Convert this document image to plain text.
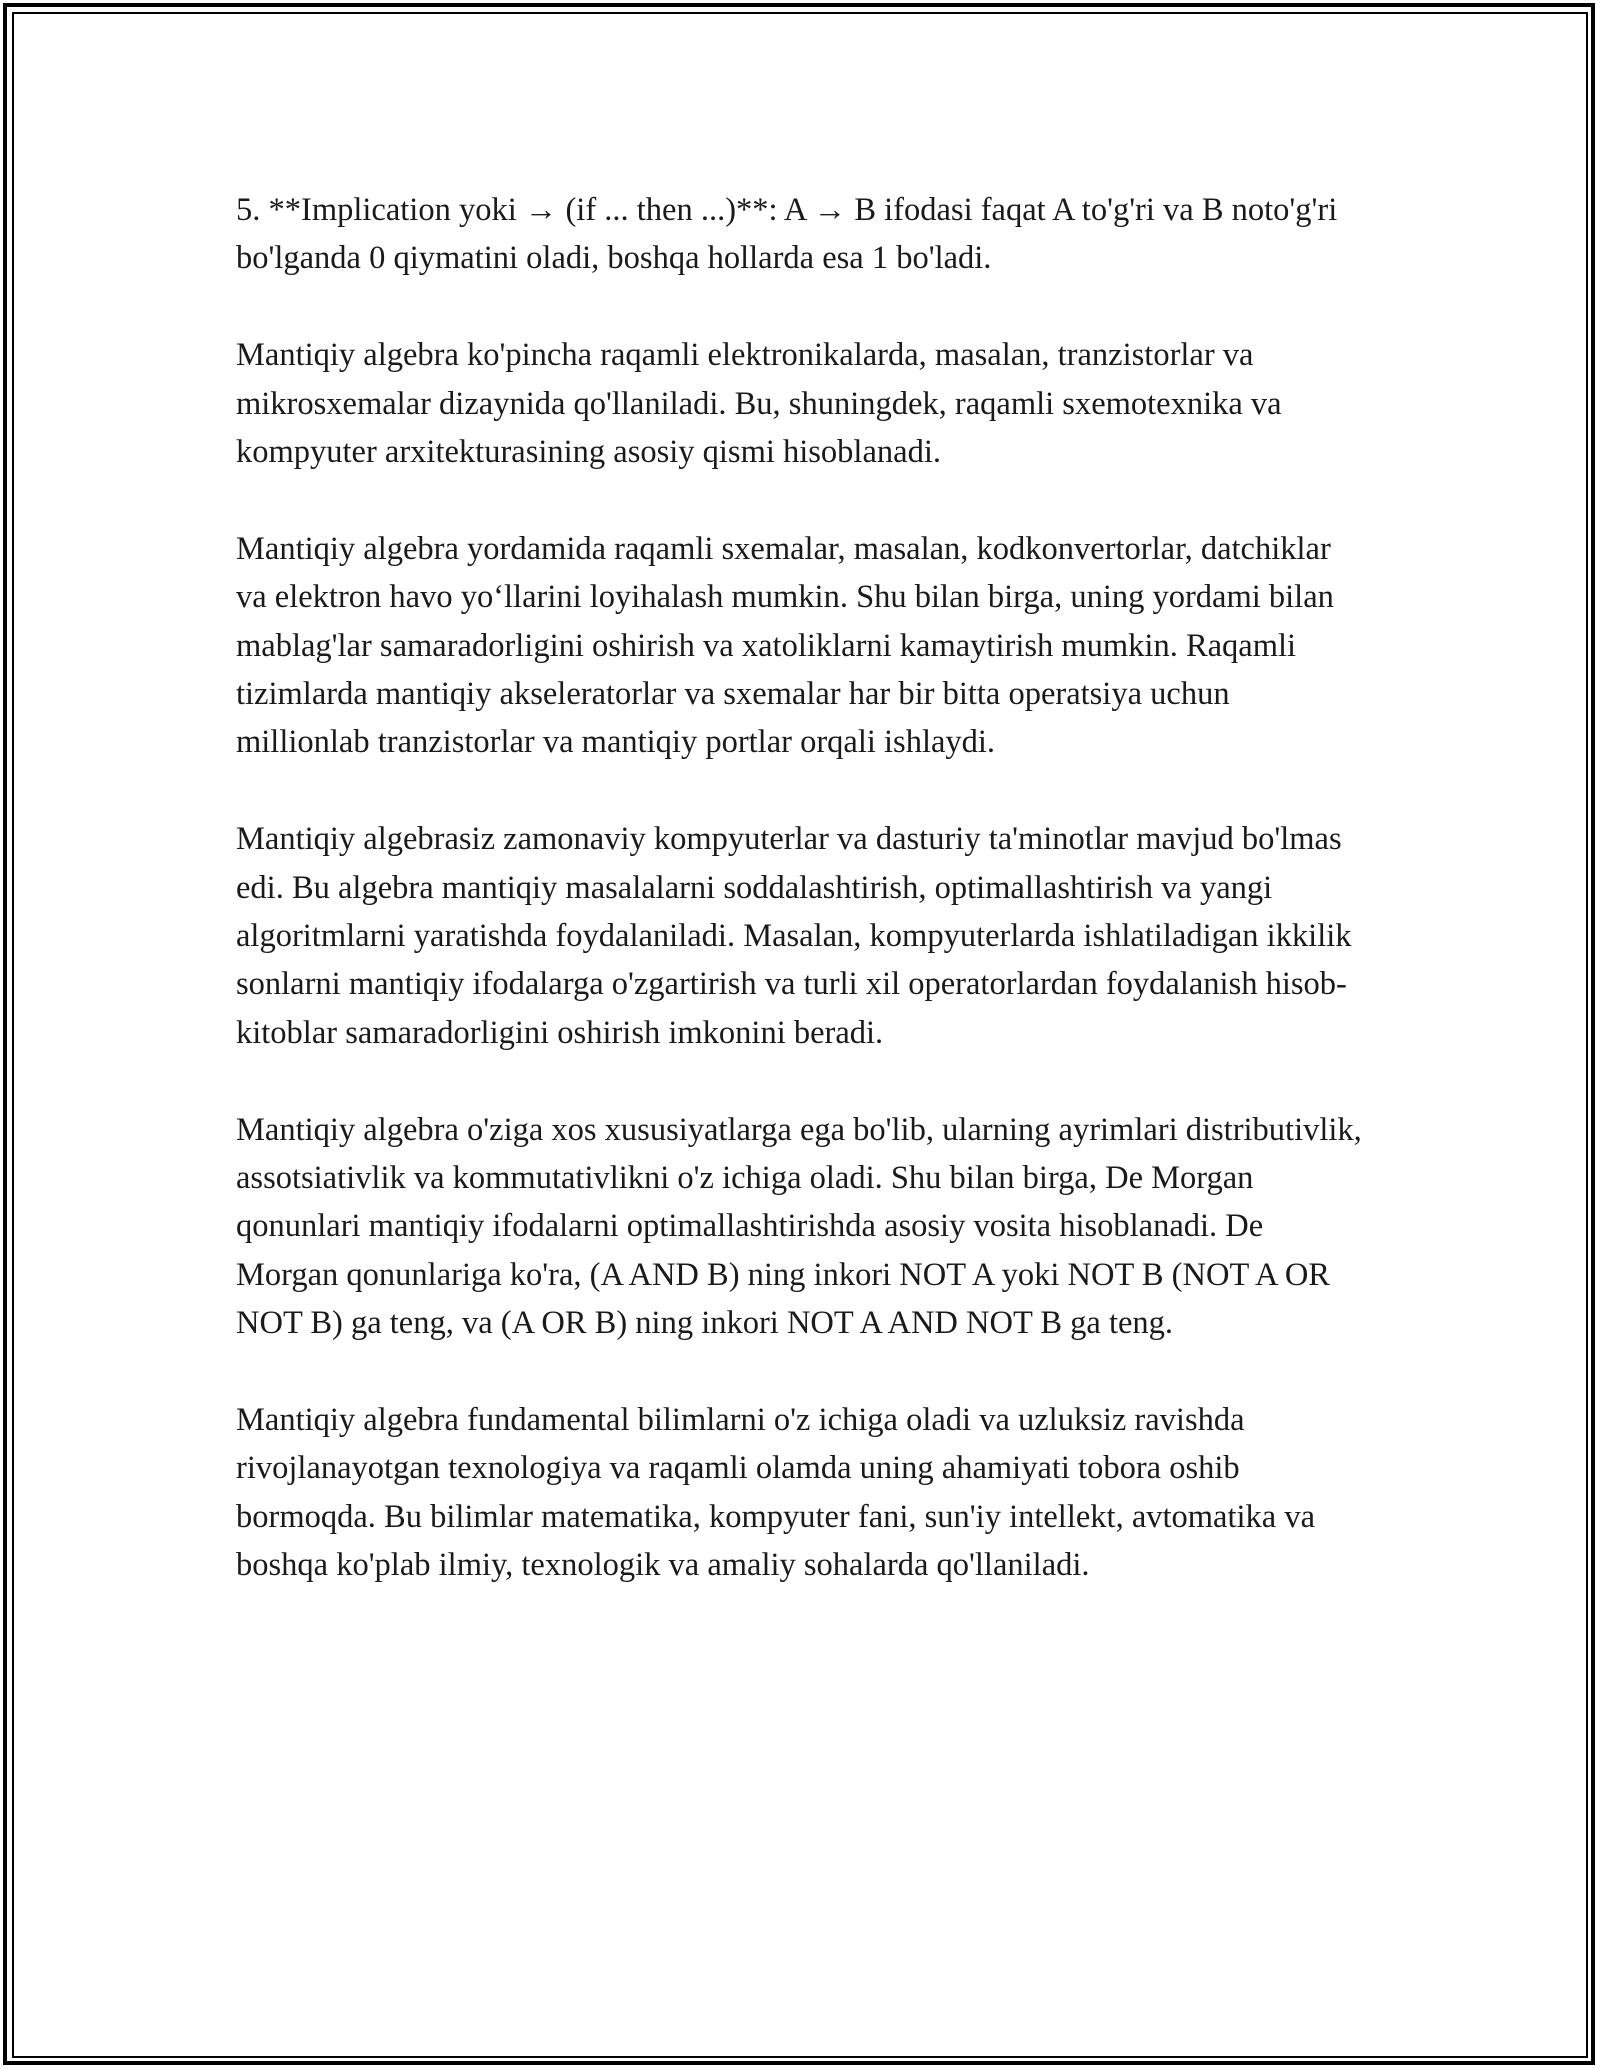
5. **Implication yoki → (if ... then ...)**: A → B ifodasi faqat A to'g'ri va B noto'g'ri bo'lganda 0 qiymatini oladi, boshqa hollarda esa 1 bo'ladi.

Mantiqiy algebra ko'pincha raqamli elektronikalarda, masalan, tranzistorlar va mikrosxemalar dizaynida qo'llaniladi. Bu, shuningdek, raqamli sxemotexnika va kompyuter arxitekturasining asosiy qismi hisoblanadi.

Mantiqiy algebra yordamida raqamli sxemalar, masalan, kodkonvertorlar, datchiklar va elektron havo yo‘llarini loyihalash mumkin. Shu bilan birga, uning yordami bilan mablag'lar samaradorligini oshirish va xatoliklarni kamaytirish mumkin. Raqamli tizimlarda mantiqiy akseleratorlar va sxemalar har bir bitta operatsiya uchun millionlab tranzistorlar va mantiqiy portlar orqali ishlaydi.

Mantiqiy algebrasiz zamonaviy kompyuterlar va dasturiy ta'minotlar mavjud bo'lmas edi. Bu algebra mantiqiy masalalarni soddalashtirish, optimallashtirish va yangi algoritmlarni yaratishda foydalaniladi. Masalan, kompyuterlarda ishlatiladigan ikkilik sonlarni mantiqiy ifodalarga o'zgartirish va turli xil operatorlardan foydalanish hisob-kitoblar samaradorligini oshirish imkonini beradi.

Mantiqiy algebra o'ziga xos xususiyatlarga ega bo'lib, ularning ayrimlari distributivlik, assotsiativlik va kommutativlikni o'z ichiga oladi. Shu bilan birga, De Morgan qonunlari mantiqiy ifodalarni optimallashtirishda asosiy vosita hisoblanadi. De Morgan qonunlariga ko'ra, (A AND B) ning inkori NOT A yoki NOT B (NOT A OR NOT B) ga teng, va (A OR B) ning inkori NOT A AND NOT B ga teng.

Mantiqiy algebra fundamental bilimlarni o'z ichiga oladi va uzluksiz ravishda rivojlanayotgan texnologiya va raqamli olamda uning ahamiyati tobora oshib bormoqda. Bu bilimlar matematika, kompyuter fani, sun'iy intellekt, avtomatika va boshqa ko'plab ilmiy, texnologik va amaliy sohalarda qo'llaniladi.
